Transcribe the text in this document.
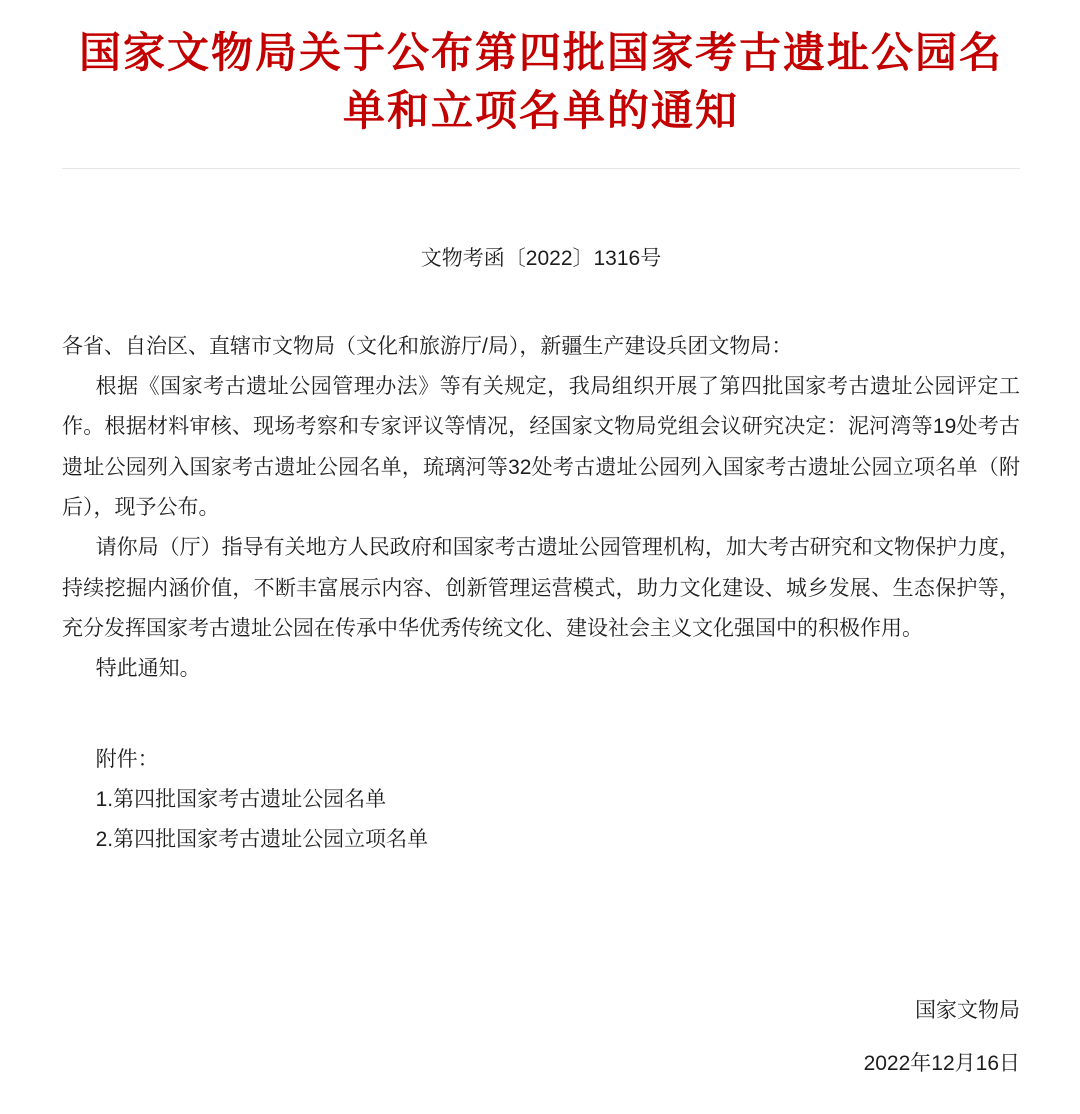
国家文物局关于公布第四批国家考古遗址公园名单和立项名单的通知
文物考函〔2022〕1316号

各省、自治区、直辖市文物局（文化和旅游厅/局），新疆生产建设兵团文物局：

根据《国家考古遗址公园管理办法》等有关规定，我局组织开展了第四批国家考古遗址公园评定工作。根据材料审核、现场考察和专家评议等情况，经国家文物局党组会议研究决定：泥河湾等19处考古遗址公园列入国家考古遗址公园名单，琉璃河等32处考古遗址公园列入国家考古遗址公园立项名单（附后），现予公布。

请你局（厅）指导有关地方人民政府和国家考古遗址公园管理机构，加大考古研究和文物保护力度，持续挖掘内涵价值，不断丰富展示内容、创新管理运营模式，助力文化建设、城乡发展、生态保护等，充分发挥国家考古遗址公园在传承中华优秀传统文化、建设社会主义文化强国中的积极作用。

特此通知。

附件：

1.第四批国家考古遗址公园名单

2.第四批国家考古遗址公园立项名单

国家文物局

2022年12月16日
